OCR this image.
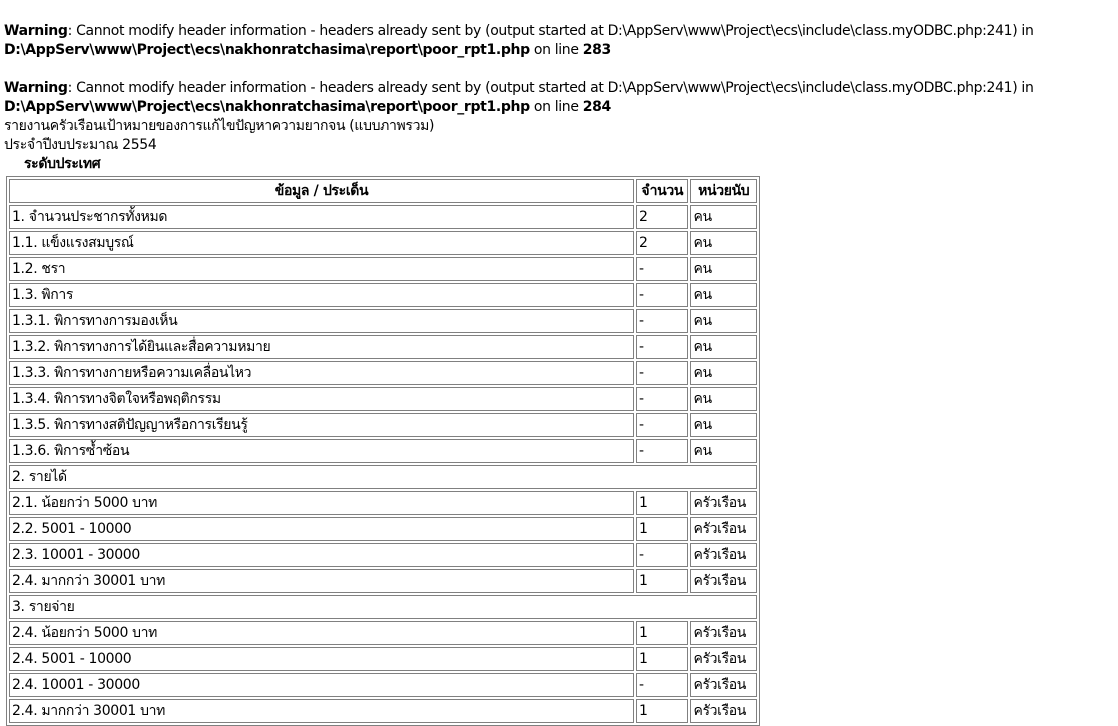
Warning: Cannot modify header information - headers already sent by (output started at D:\AppServ\www\Project\ecs\include\class.myODBC.php:241) in D:\AppServ\www\Project\ecs\nakhonratchasima\report\poor_rpt1.php on line 283
Warning: Cannot modify header information - headers already sent by (output started at D:\AppServ\www\Project\ecs\include\class.myODBC.php:241) in D:\AppServ\www\Project\ecs\nakhonratchasima\report\poor_rpt1.php on line 284
รายงานครัวเรือนเป้าหมายของการแก้ไขปัญหาความยากจน (แบบภาพรวม)
ประจำปีงบประมาณ 2554
ระดับประเทศ
ข้อมูล / ประเด็น	จำนวน	หน่วยนับ
1. จำนวนประชากรทั้งหมด	2	คน
1.1. แข็งแรงสมบูรณ์	2	คน
1.2. ชรา	-	คน
1.3. พิการ	-	คน
1.3.1. พิการทางการมองเห็น	-	คน
1.3.2. พิการทางการได้ยินและสื่อความหมาย	-	คน
1.3.3. พิการทางกายหรือความเคลื่อนไหว	-	คน
1.3.4. พิการทางจิตใจหรือพฤติกรรม	-	คน
1.3.5. พิการทางสติปัญญาหรือการเรียนรู้	-	คน
1.3.6. พิการซ้ำซ้อน	-	คน
2. รายได้		
2.1. น้อยกว่า 5000 บาท	1	ครัวเรือน
2.2. 5001 - 10000	1	ครัวเรือน
2.3. 10001 - 30000	-	ครัวเรือน
2.4. มากกว่า 30001 บาท	1	ครัวเรือน
3. รายจ่าย		
2.4. น้อยกว่า 5000 บาท	1	ครัวเรือน
2.4. 5001 - 10000	1	ครัวเรือน
2.4. 10001 - 30000	-	ครัวเรือน
2.4. มากกว่า 30001 บาท	1	ครัวเรือน
